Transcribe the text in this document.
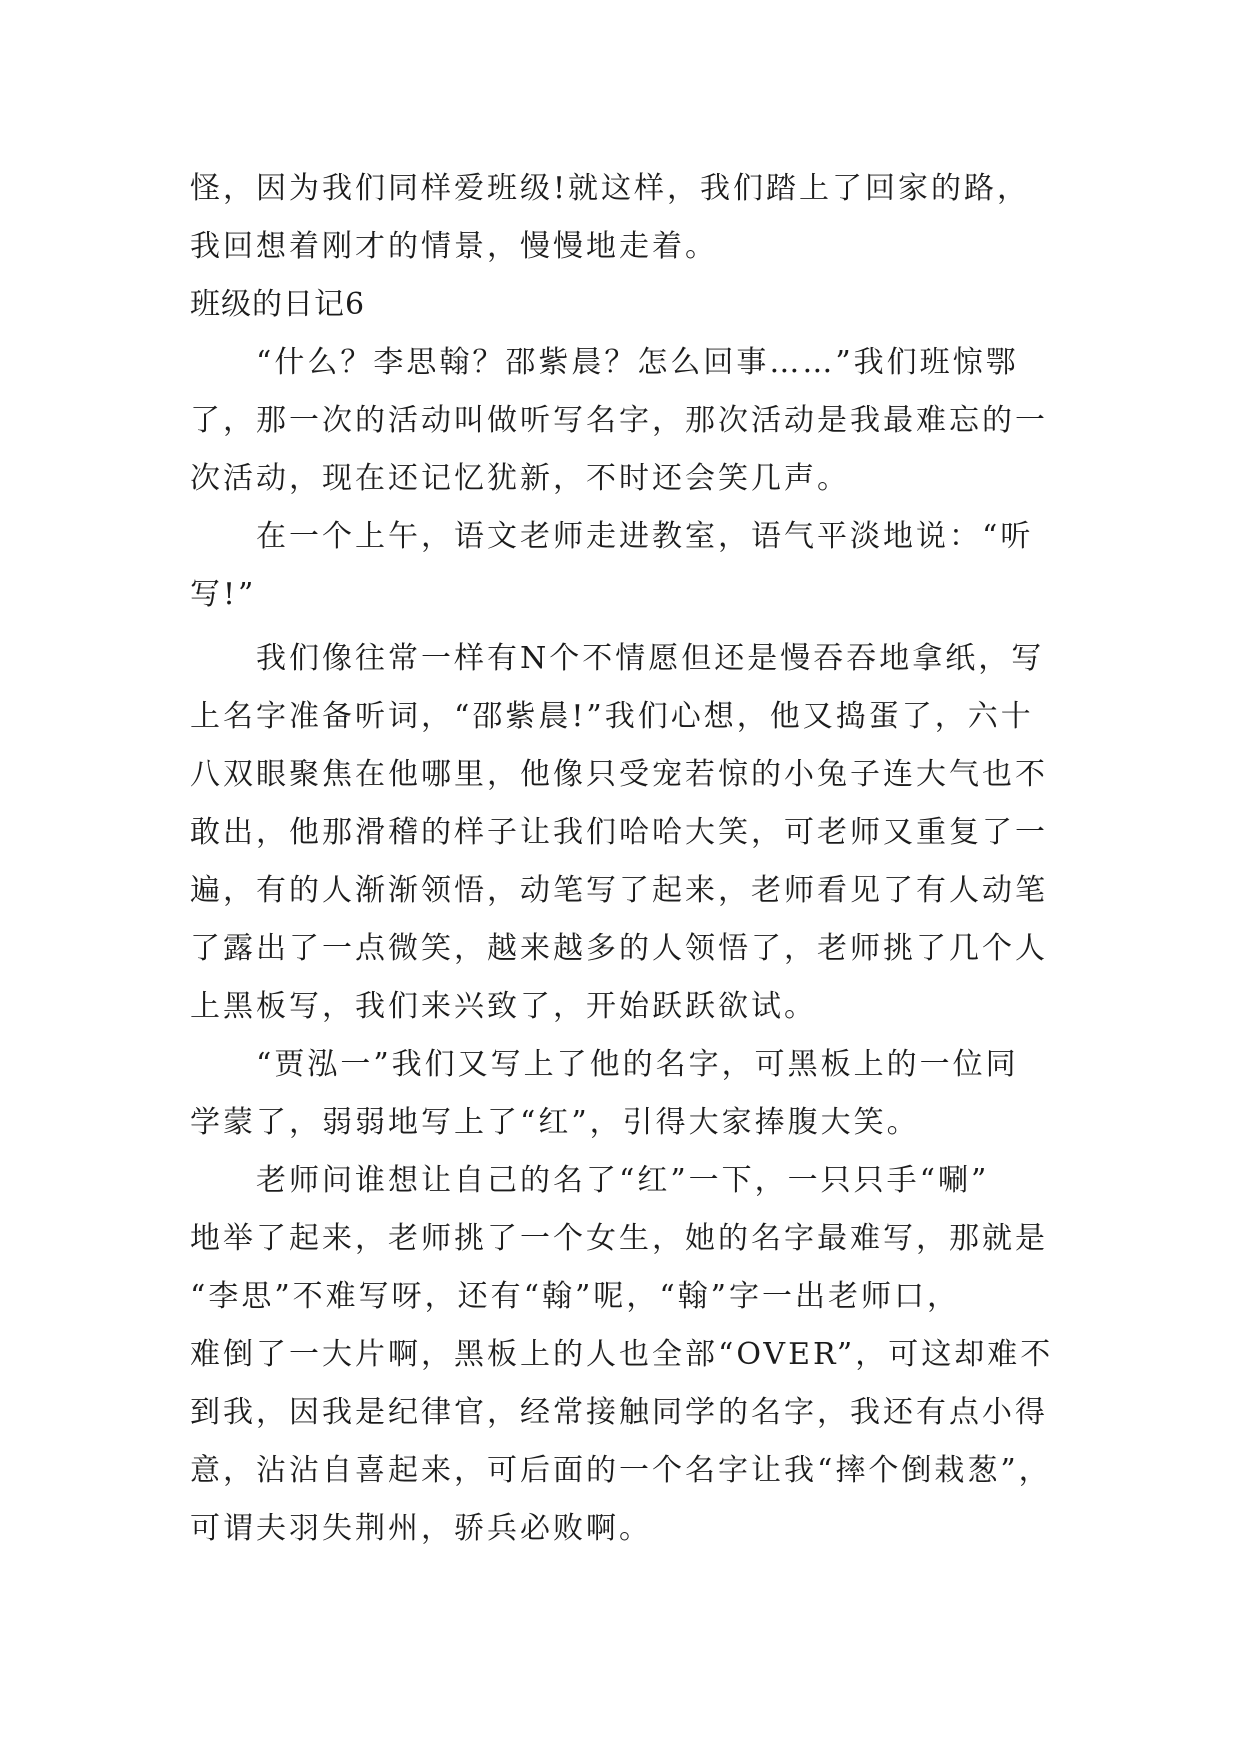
怪，因为我们同样爱班级!就这样，我们踏上了回家的路，
我回想着刚才的情景，慢慢地走着。
班级的日记6
“什么？李思翰？邵紫晨？怎么回事……”我们班惊鄂
了，那一次的活动叫做听写名字，那次活动是我最难忘的一
次活动，现在还记忆犹新，不时还会笑几声。
在一个上午，语文老师走进教室，语气平淡地说：“听
写!”
我们像往常一样有N个不情愿但还是慢吞吞地拿纸，写
上名字准备听词，“邵紫晨!”我们心想，他又捣蛋了，六十
八双眼聚焦在他哪里，他像只受宠若惊的小兔子连大气也不
敢出，他那滑稽的样子让我们哈哈大笑，可老师又重复了一
遍，有的人渐渐领悟，动笔写了起来，老师看见了有人动笔
了露出了一点微笑，越来越多的人领悟了，老师挑了几个人
上黑板写，我们来兴致了，开始跃跃欲试。
“贾泓一”我们又写上了他的名字，可黑板上的一位同
学蒙了，弱弱地写上了“红”，引得大家捧腹大笑。
老师问谁想让自己的名了“红”一下，一只只手“唰”
地举了起来，老师挑了一个女生，她的名字最难写，那就是
“李思”不难写呀，还有“翰”呢，“翰”字一出老师口，
难倒了一大片啊，黑板上的人也全部“OVER”，可这却难不
到我，因我是纪律官，经常接触同学的名字，我还有点小得
意，沾沾自喜起来，可后面的一个名字让我“摔个倒栽葱”，
可谓夫羽失荆州，骄兵必败啊。
